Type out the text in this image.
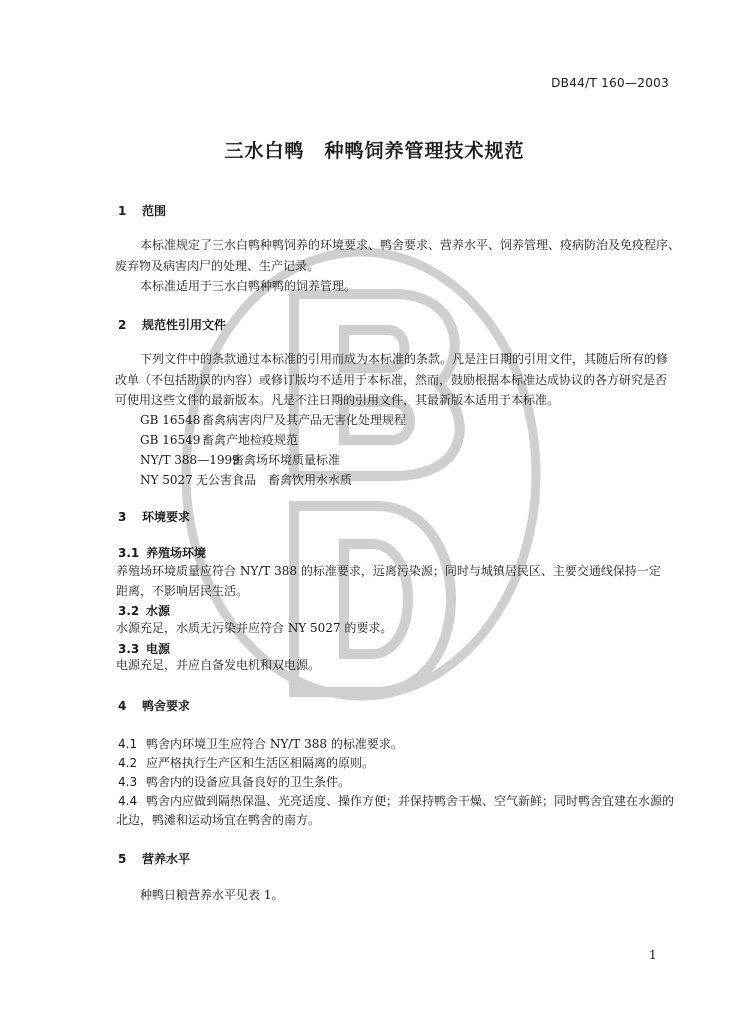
DB44/T 160—2003
三水白鸭　种鸭饲养管理技术规范
1 范围
本标准规定了三水白鸭种鸭饲养的环境要求、鸭舍要求、营养水平、饲养管理、疫病防治及免疫程序、
废弃物及病害肉尸的处理、生产记录。
本标准适用于三水白鸭种鸭的饲养管理。
2 规范性引用文件
下列文件中的条款通过本标准的引用而成为本标准的条款。凡是注日期的引用文件，其随后所有的修
改单（不包括勘误的内容）或修订版均不适用于本标准，然而，鼓励根据本标准达成协议的各方研究是否
可使用这些文件的最新版本。凡是不注日期的引用文件，其最新版本适用于本标准。
GB 16548 畜禽病害肉尸及其产品无害化处理规程
GB 16549 畜禽产地检疫规范
NY/T 388—1999畜禽场环境质量标准
NY 5027 无公害食品　畜禽饮用水水质
3 环境要求
3.1 养殖场环境
养殖场环境质量应符合 NY/T 388 的标准要求，远离污染源；同时与城镇居民区、主要交通线保持一定
距离，不影响居民生活。
3.2 水源
水源充足，水质无污染并应符合 NY 5027 的要求。
3.3 电源
电源充足，并应自备发电机和双电源。
4 鸭舍要求
4.1 鸭舍内环境卫生应符合 NY/T 388 的标准要求。
4.2 应严格执行生产区和生活区相隔离的原则。
4.3 鸭舍内的设备应具备良好的卫生条件。
4.4 鸭舍内应做到隔热保温、光亮适度、操作方便；并保持鸭舍干燥、空气新鲜；同时鸭舍宜建在水源的
北边，鸭滩和运动场宜在鸭舍的南方。
5 营养水平
种鸭日粮营养水平见表 1。
1
